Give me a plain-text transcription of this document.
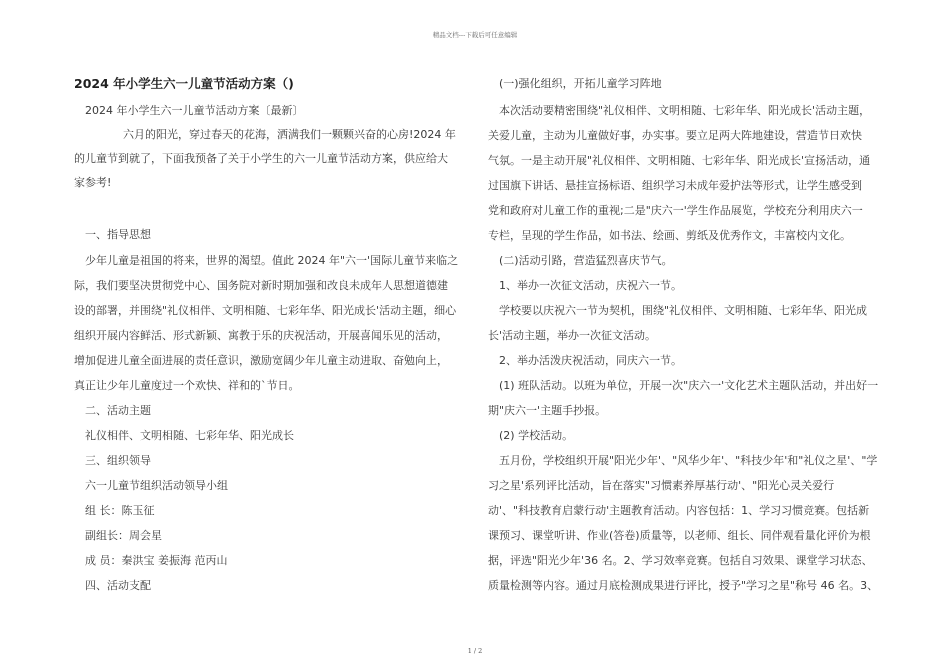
精品文档---下载后可任意编辑
2024 年小学生六一儿童节活动方案（)
2024 年小学生六一儿童节活动方案〔最新〕
六月的阳光，穿过春天的花海，洒满我们一颗颗兴奋的心房!2024 年
的儿童节到就了，下面我预备了关于小学生的六一儿童节活动方案，供应给大
家参考!
一、指导思想
少年儿童是祖国的将来，世界的渴望。值此 2024 年"六一'国际儿童节来临之
际，我们要坚决贯彻党中心、国务院对新时期加强和改良未成年人思想道德建
设的部署，并围绕"礼仪相伴、文明相随、七彩年华、阳光成长'活动主题，细心
组织开展内容鲜活、形式新颖、寓教于乐的庆祝活动，开展喜闻乐见的活动，
增加促进儿童全面进展的责任意识，激励宽阔少年儿童主动进取、奋勉向上，
真正让少年儿童度过一个欢快、祥和的`节日。
二、活动主题
礼仪相伴、文明相随、七彩年华、阳光成长
三、组织领导
六一儿童节组织活动领导小组
组 长：陈玉征
副组长：周会星
成 员：秦洪宝 姜振海 范丙山
四、活动支配
(一)强化组织，开拓儿童学习阵地
本次活动要精密围绕"礼仪相伴、文明相随、七彩年华、阳光成长'活动主题，
关爱儿童，主动为儿童做好事，办实事。要立足两大阵地建设，营造节日欢快
气氛。一是主动开展"礼仪相伴、文明相随、七彩年华、阳光成长'宣扬活动，通
过国旗下讲话、悬挂宣扬标语、组织学习未成年爱护法等形式，让学生感受到
党和政府对儿童工作的重视;二是"庆六一'学生作品展览，学校充分利用庆六一
专栏，呈现的学生作品，如书法、绘画、剪纸及优秀作文，丰富校内文化。
(二)活动引路，营造猛烈喜庆节气。
1、举办一次征文活动，庆祝六一节。
学校要以庆祝六一节为契机，围绕"礼仪相伴、文明相随、七彩年华、阳光成
长'活动主题，举办一次征文活动。
2、举办活泼庆祝活动，同庆六一节。
(1) 班队活动。以班为单位，开展一次"庆六一'文化艺术主题队活动，并出好一
期"庆六一'主题手抄报。
(2) 学校活动。
五月份，学校组织开展"阳光少年'、"风华少年'、"科技少年'和"礼仪之星'、"学
习之星'系列评比活动，旨在落实"习惯素养厚基行动'、"阳光心灵关爱行
动'、"科技教育启蒙行动'主题教育活动。内容包括：1、学习习惯竞赛。包括新
课预习、课堂听讲、作业(答卷)质量等，以老师、组长、同伴观看量化评价为根
据，评选"阳光少年'36 名。2、学习效率竞赛。包括自习效果、课堂学习状态、
质量检测等内容。通过月底检测成果进行评比，授予"学习之星"称号 46 名。3、
1 / 2
